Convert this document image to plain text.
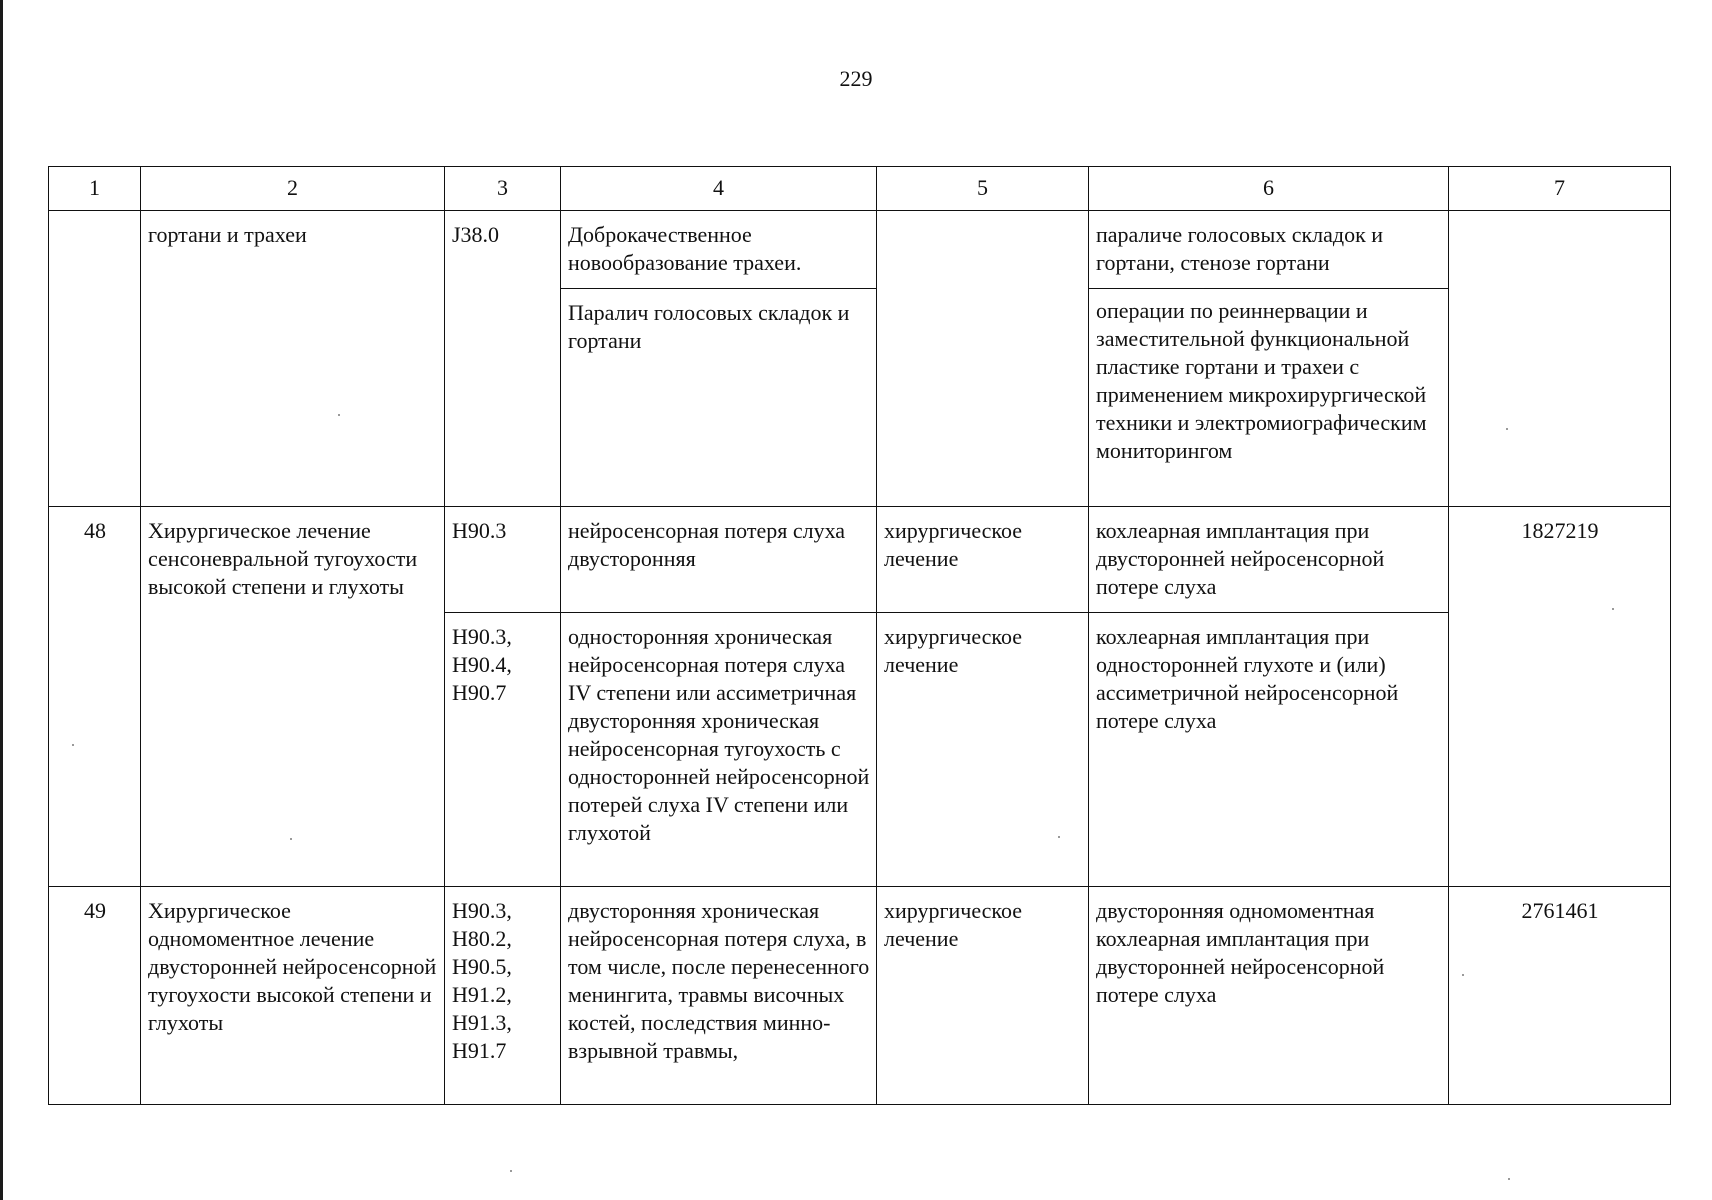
229
1	2	3	4	5	6	7
	гортани и трахеи	J38.0	Доброкачественное новообразование трахеи.		параличе голосовых складок и гортани, стенозе гортани	
			Паралич голосовых складок и гортани		операции по реиннервации и заместительной функциональной пластике гортани и трахеи с применением микрохирургической техники и электромиографическим мониторингом	
48	Хирургическое лечение сенсоневральной тугоухости высокой степени и глухоты	H90.3	нейросенсорная потеря слуха двусторонняя	хирургическое лечение	кохлеарная имплантация при двусторонней нейросенсорной потере слуха	1827219
		H90.3, H90.4, H90.7	односторонняя хроническая нейросенсорная потеря слуха IV степени или ассиметричная двусторонняя хроническая нейросенсорная тугоухость с односторонней нейросенсорной потерей слуха IV степени или глухотой	хирургическое лечение	кохлеарная имплантация при односторонней глухоте и (или) ассиметричной нейросенсорной потере слуха	
49	Хирургическое одномоментное лечение двусторонней нейросенсорной тугоухости высокой степени и глухоты	H90.3, H80.2, H90.5, H91.2, H91.3, H91.7	двусторонняя хроническая нейросенсорная потеря слуха, в том числе, после перенесенного менингита, травмы височных костей, последствия минно-взрывной травмы,	хирургическое лечение	двусторонняя одномоментная кохлеарная имплантация при двусторонней нейросенсорной потере слуха	2761461
